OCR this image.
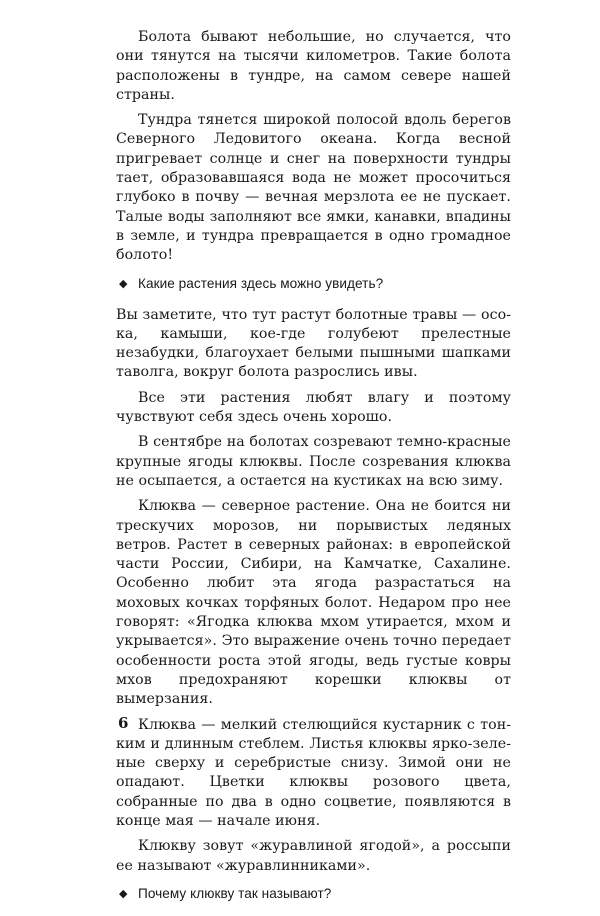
Болота бывают небольшие, но случается, что они тянутся на тысячи километров. Такие болота расположены в тундре, на самом севере нашей страны.

Тундра тянется широкой полосой вдоль берегов Северного Ледовитого океана. Когда весной пригревает солнце и снег на поверхности тундры тает, образовавшаяся вода не может просочиться глубоко в почву — вечная мерзлота ее не пускает. Талые воды заполняют все ямки, канавки, впадины в земле, и тундра превращается в одно громадное болото!

◆ Какие растения здесь можно увидеть?

Вы заметите, что тут растут болотные травы — осока, камыши, кое-где голубеют прелестные незабудки, благоухает белыми пышными шапками таволга, вокруг болота разрослись ивы.

Все эти растения любят влагу и поэтому чувствуют себя здесь очень хорошо.

В сентябре на болотах созревают темно-красные крупные ягоды клюквы. После созревания клюква не осыпается, а остается на кустиках на всю зиму.

Клюква — северное растение. Она не боится ни трескучих морозов, ни порывистых ледяных ветров. Растет в северных районах: в европейской части России, Сибири, на Камчатке, Сахалине. Особенно любит эта ягода разрастаться на моховых кочках торфяных болот. Недаром про нее говорят: «Ягодка клюква мхом утирается, мхом и укрывается». Это выражение очень точно передает особенности роста этой ягоды, ведь густые ковры мхов предохраняют корешки клюквы от вымерзания.

Клюква — мелкий стелющийся кустарник с тонким и длинным стеблем. Листья клюквы ярко-зеленые сверху и серебристые снизу. Зимой они не опадают. Цветки клюквы розового цвета, собранные по два в одно соцветие, появляются в конце мая — начале июня.

Клюкву зовут «журавлиной ягодой», а россыпи ее называют «журавлинниками».

◆ Почему клюкву так называют?
6
